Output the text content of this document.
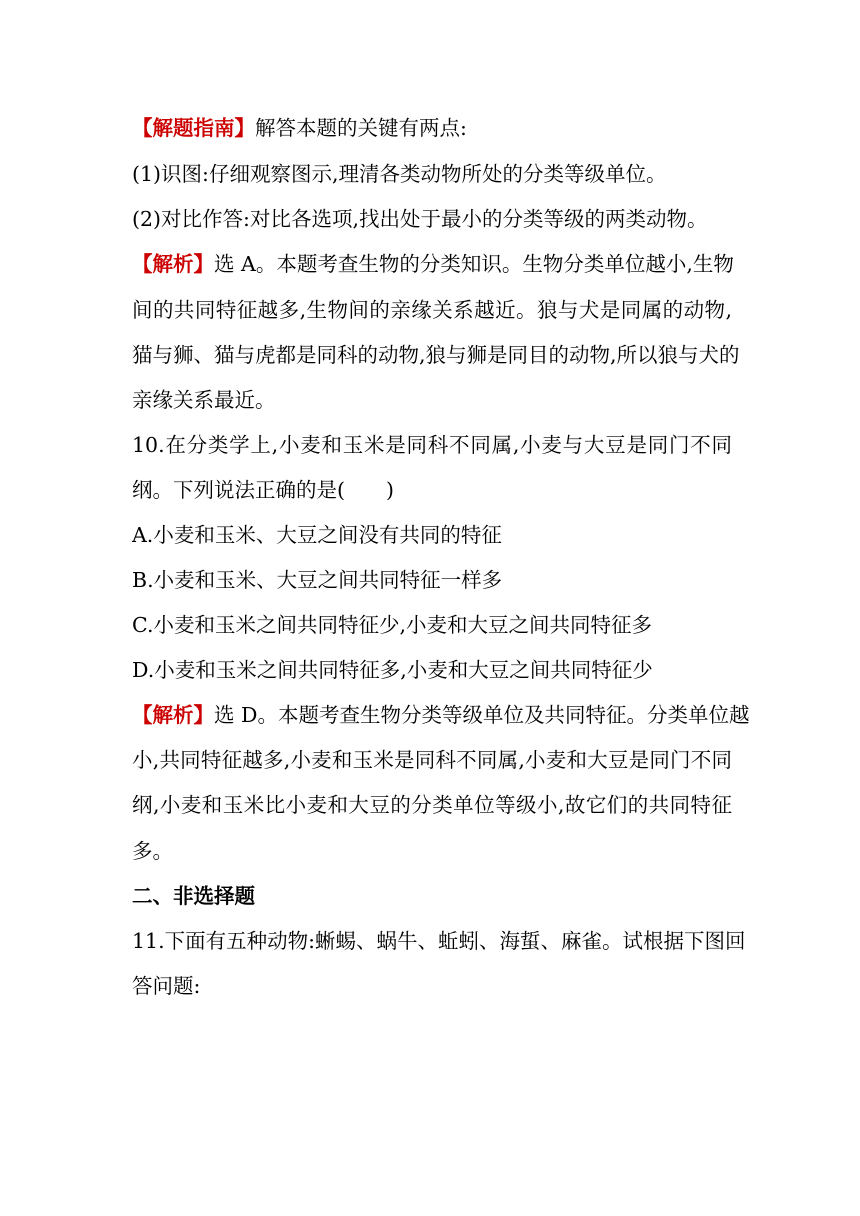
【解题指南】解答本题的关键有两点:
(1)识图:仔细观察图示,理清各类动物所处的分类等级单位。
(2)对比作答:对比各选项,找出处于最小的分类等级的两类动物。
【解析】选 A。本题考查生物的分类知识。生物分类单位越小,生物
间的共同特征越多,生物间的亲缘关系越近。狼与犬是同属的动物,
猫与狮、猫与虎都是同科的动物,狼与狮是同目的动物,所以狼与犬的
亲缘关系最近。
10.在分类学上,小麦和玉米是同科不同属,小麦与大豆是同门不同
纲。下列说法正确的是(　　)
A.小麦和玉米、大豆之间没有共同的特征
B.小麦和玉米、大豆之间共同特征一样多
C.小麦和玉米之间共同特征少,小麦和大豆之间共同特征多
D.小麦和玉米之间共同特征多,小麦和大豆之间共同特征少
【解析】选 D。本题考查生物分类等级单位及共同特征。分类单位越
小,共同特征越多,小麦和玉米是同科不同属,小麦和大豆是同门不同
纲,小麦和玉米比小麦和大豆的分类单位等级小,故它们的共同特征
多。
二、非选择题
11.下面有五种动物:蜥蜴、蜗牛、蚯蚓、海蜇、麻雀。试根据下图回
答问题:
